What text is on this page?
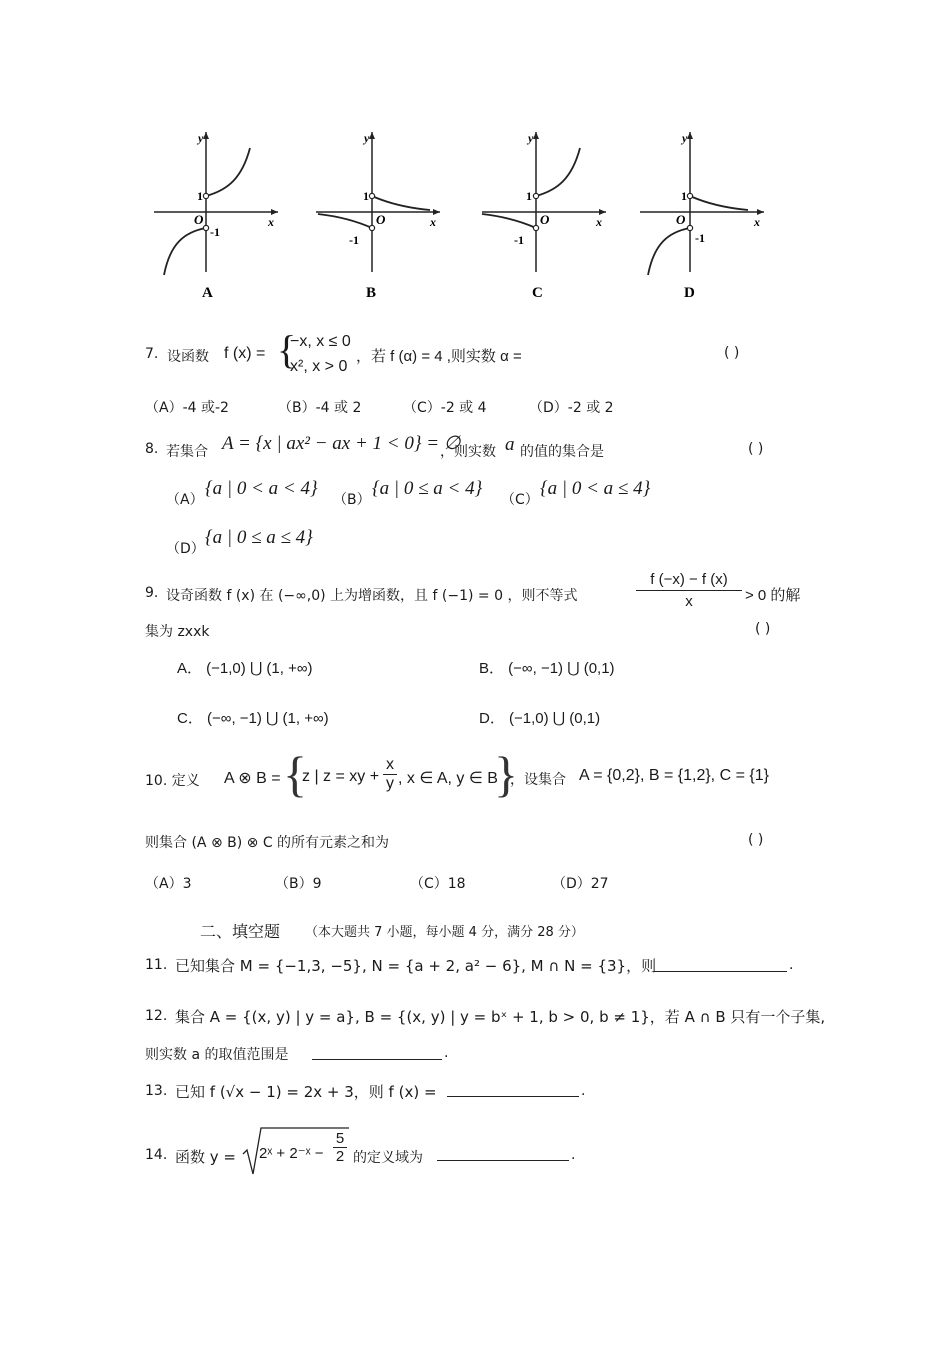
y
x
O
1
-1
A
y
x
O
1
-1
B
y
x
O
1
-1
C
y
x
O
1
-1
D
7. 设函数 f (x) = {
−x, x ≤ 0
x², x > 0
，若 f (α) = 4 ,则实数 α =	( )
（A）-4 或-2	（B）-4 或 2	（C）-2 或 4	（D）-2 或 2
8. 若集合 A = {x | ax² − ax + 1 < 0} = ∅
，则实数 a 的值的集合是	( )
（A）
{a | 0 < a < 4}
（B）
{a | 0 ≤ a < 4}
（C）
{a | 0 < a ≤ 4}
（D）
{a | 0 ≤ a ≤ 4}
9. 设奇函数 f (x) 在 (−∞,0) 上为增函数，且 f (−1) = 0 ，则不等式	$\frac{f (-x) - f (x)}{x} > 0$ 的解
集为 zxxk	( )
A． (−1,0) ⋃ (1, +∞)	B． (−∞, −1) ⋃ (0,1)
C． (−∞, −1) ⋃ (1, +∞)	D． (−1,0) ⋃ (0,1)
10. 定义 A ⊗ B = {
z | z = xy + $\frac{x}{y}$ , x ∈ A, y ∈ B
}
，设集合 A = {0,2}, B = {1,2}, C = {1}
则集合 (A ⊗ B) ⊗ C 的所有元素之和为	( )
（A）3	（B）9	（C）18	（D）27
二、填空题 （本大题共 7 小题，每小题 4 分，满分 28 分）
11. 已知集合 M = {−1,3, −5}, N = {a + 2, a² − 6}, M ∩ N = {3}，则	.
12. 集合 A = {(x, y) | y = a}, B = {(x, y) | y = bˣ + 1, b > 0, b ≠ 1}，若 A ∩ B 只有一个子集,
则实数 a 的取值范围是	.
13. 已知 f (√x − 1) = 2x + 3，则 f (x) =	.
14. 函数 y = 2ˣ + 2⁻ˣ − $\frac{5}{2}$ 的定义域为	.
